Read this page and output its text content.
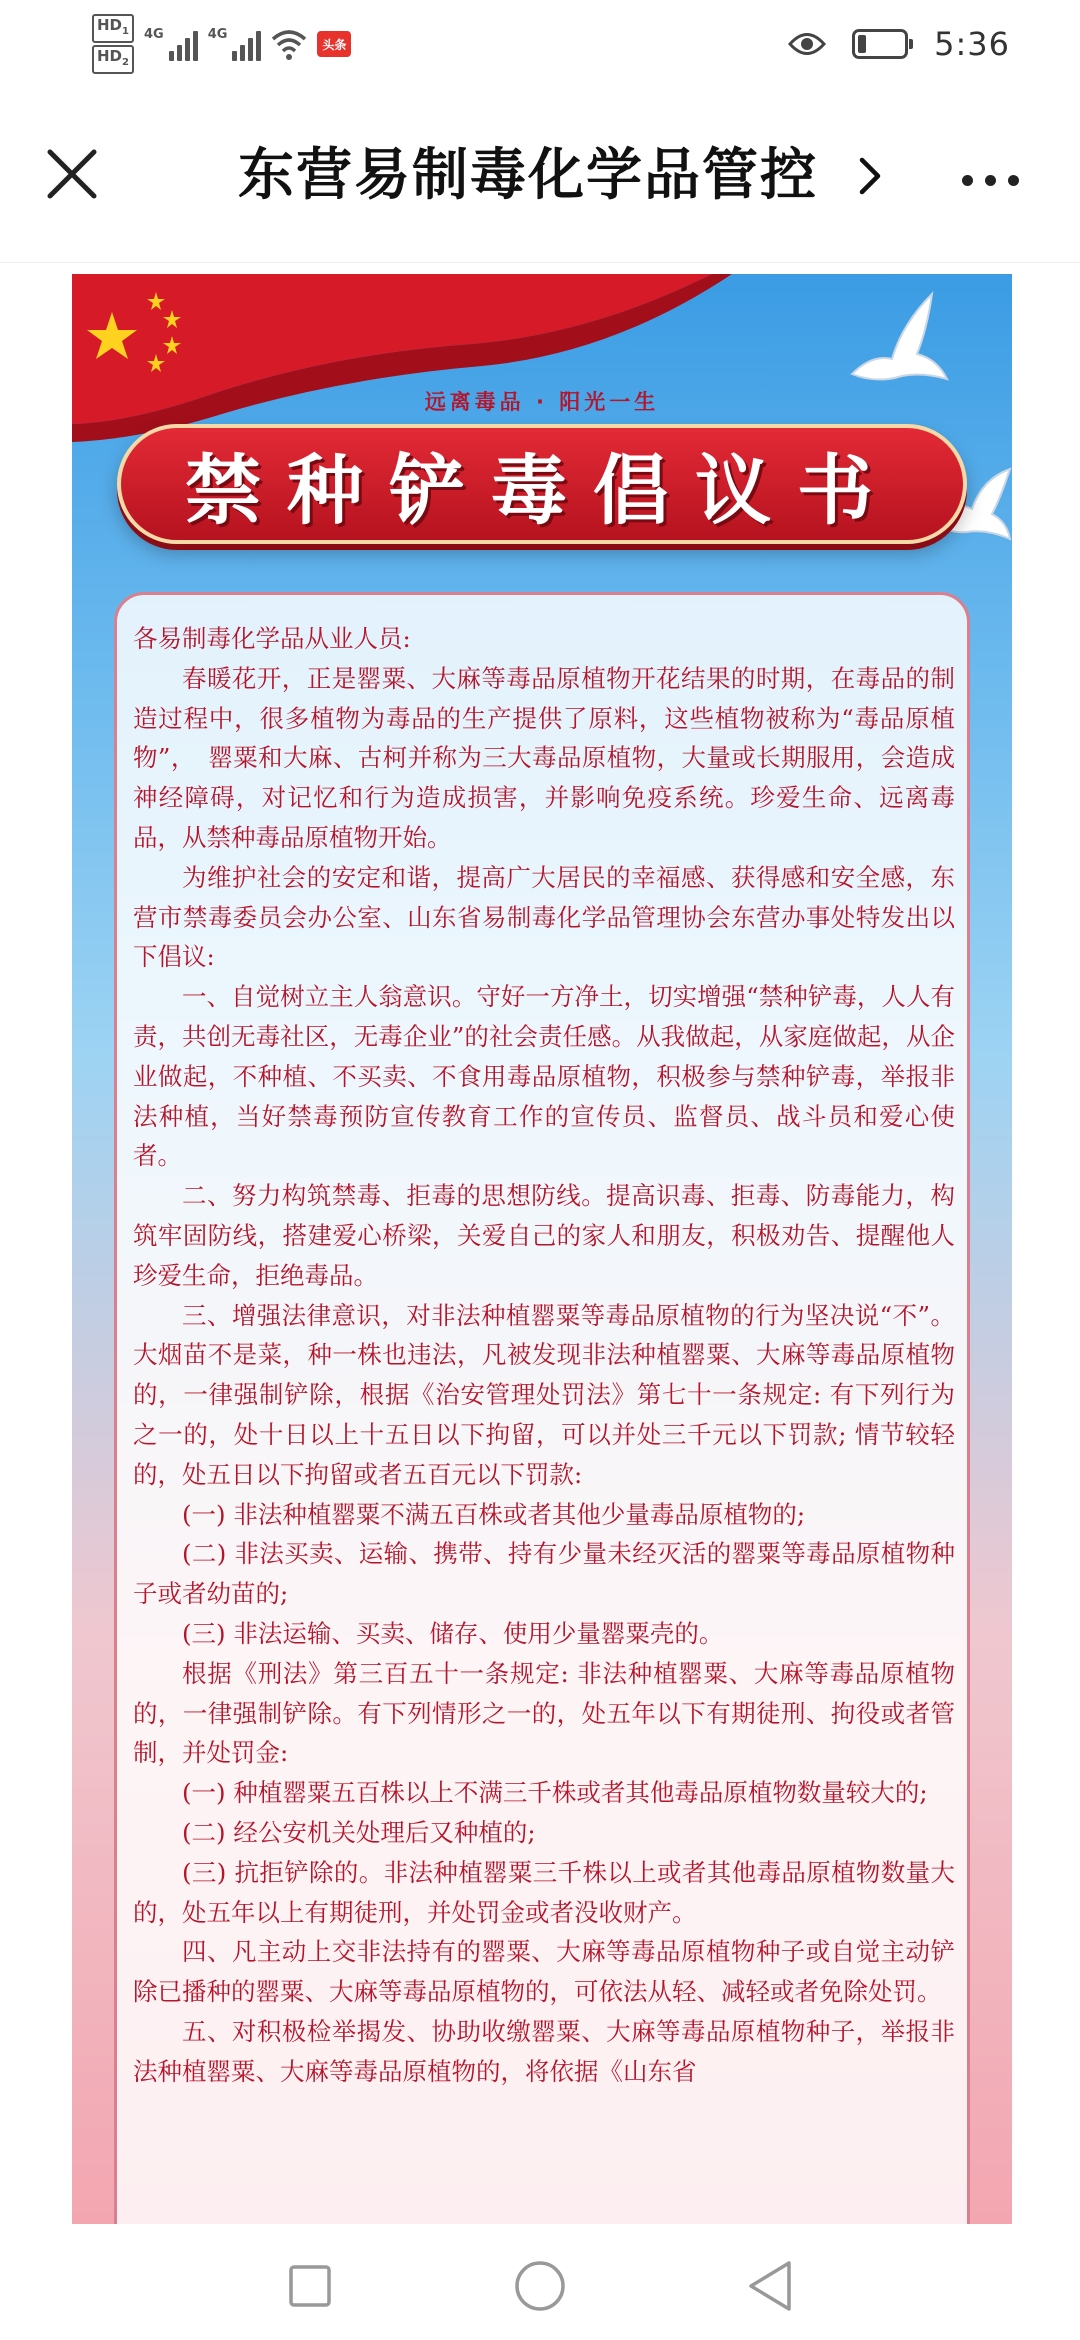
$HD_1$
$HD_2$
4G	4G
头条	5:36
东营易制毒化学品管控
远离毒品 · 阳光一生
禁种铲毒倡议书

各易制毒化学品从业人员:

春暖花开，正是罂粟、大麻等毒品原植物开花结果的时期，在毒品的制造过程中，很多植物为毒品的生产提供了原料，这些植物被称为“毒品原植物”，　罂粟和大麻、古柯并称为三大毒品原植物，大量或长期服用，会造成神经障碍，对记忆和行为造成损害，并影响免疫系统。珍爱生命、远离毒品，从禁种毒品原植物开始。

为维护社会的安定和谐，提高广大居民的幸福感、获得感和安全感，东营市禁毒委员会办公室、山东省易制毒化学品管理协会东营办事处特发出以下倡议:

一、自觉树立主人翁意识。守好一方净土，切实增强“禁种铲毒，人人有责，共创无毒社区，无毒企业”的社会责任感。从我做起，从家庭做起，从企业做起，不种植、不买卖、不食用毒品原植物，积极参与禁种铲毒，举报非法种植，当好禁毒预防宣传教育工作的宣传员、监督员、战斗员和爱心使者。

二、努力构筑禁毒、拒毒的思想防线。提高识毒、拒毒、防毒能力，构筑牢固防线，搭建爱心桥梁，关爱自己的家人和朋友，积极劝告、提醒他人珍爱生命，拒绝毒品。

三、增强法律意识，对非法种植罂粟等毒品原植物的行为坚决说“不”。大烟苗不是菜，种一株也违法，凡被发现非法种植罂粟、大麻等毒品原植物的，一律强制铲除，根据《治安管理处罚法》第七十一条规定: 有下列行为之一的，处十日以上十五日以下拘留，可以并处三千元以下罚款; 情节较轻的，处五日以下拘留或者五百元以下罚款:

(一) 非法种植罂粟不满五百株或者其他少量毒品原植物的;

(二) 非法买卖、运输、携带、持有少量未经灭活的罂粟等毒品原植物种子或者幼苗的;

(三) 非法运输、买卖、储存、使用少量罂粟壳的。

根据《刑法》第三百五十一条规定: 非法种植罂粟、大麻等毒品原植物的，一律强制铲除。有下列情形之一的，处五年以下有期徒刑、拘役或者管制，并处罚金:

(一) 种植罂粟五百株以上不满三千株或者其他毒品原植物数量较大的;

(二) 经公安机关处理后又种植的;

(三) 抗拒铲除的。非法种植罂粟三千株以上或者其他毒品原植物数量大的，处五年以上有期徒刑，并处罚金或者没收财产。

四、凡主动上交非法持有的罂粟、大麻等毒品原植物种子或自觉主动铲除已播种的罂粟、大麻等毒品原植物的，可依法从轻、减轻或者免除处罚。

五、对积极检举揭发、协助收缴罂粟、大麻等毒品原植物种子，举报非法种植罂粟、大麻等毒品原植物的，将依据《山东省
